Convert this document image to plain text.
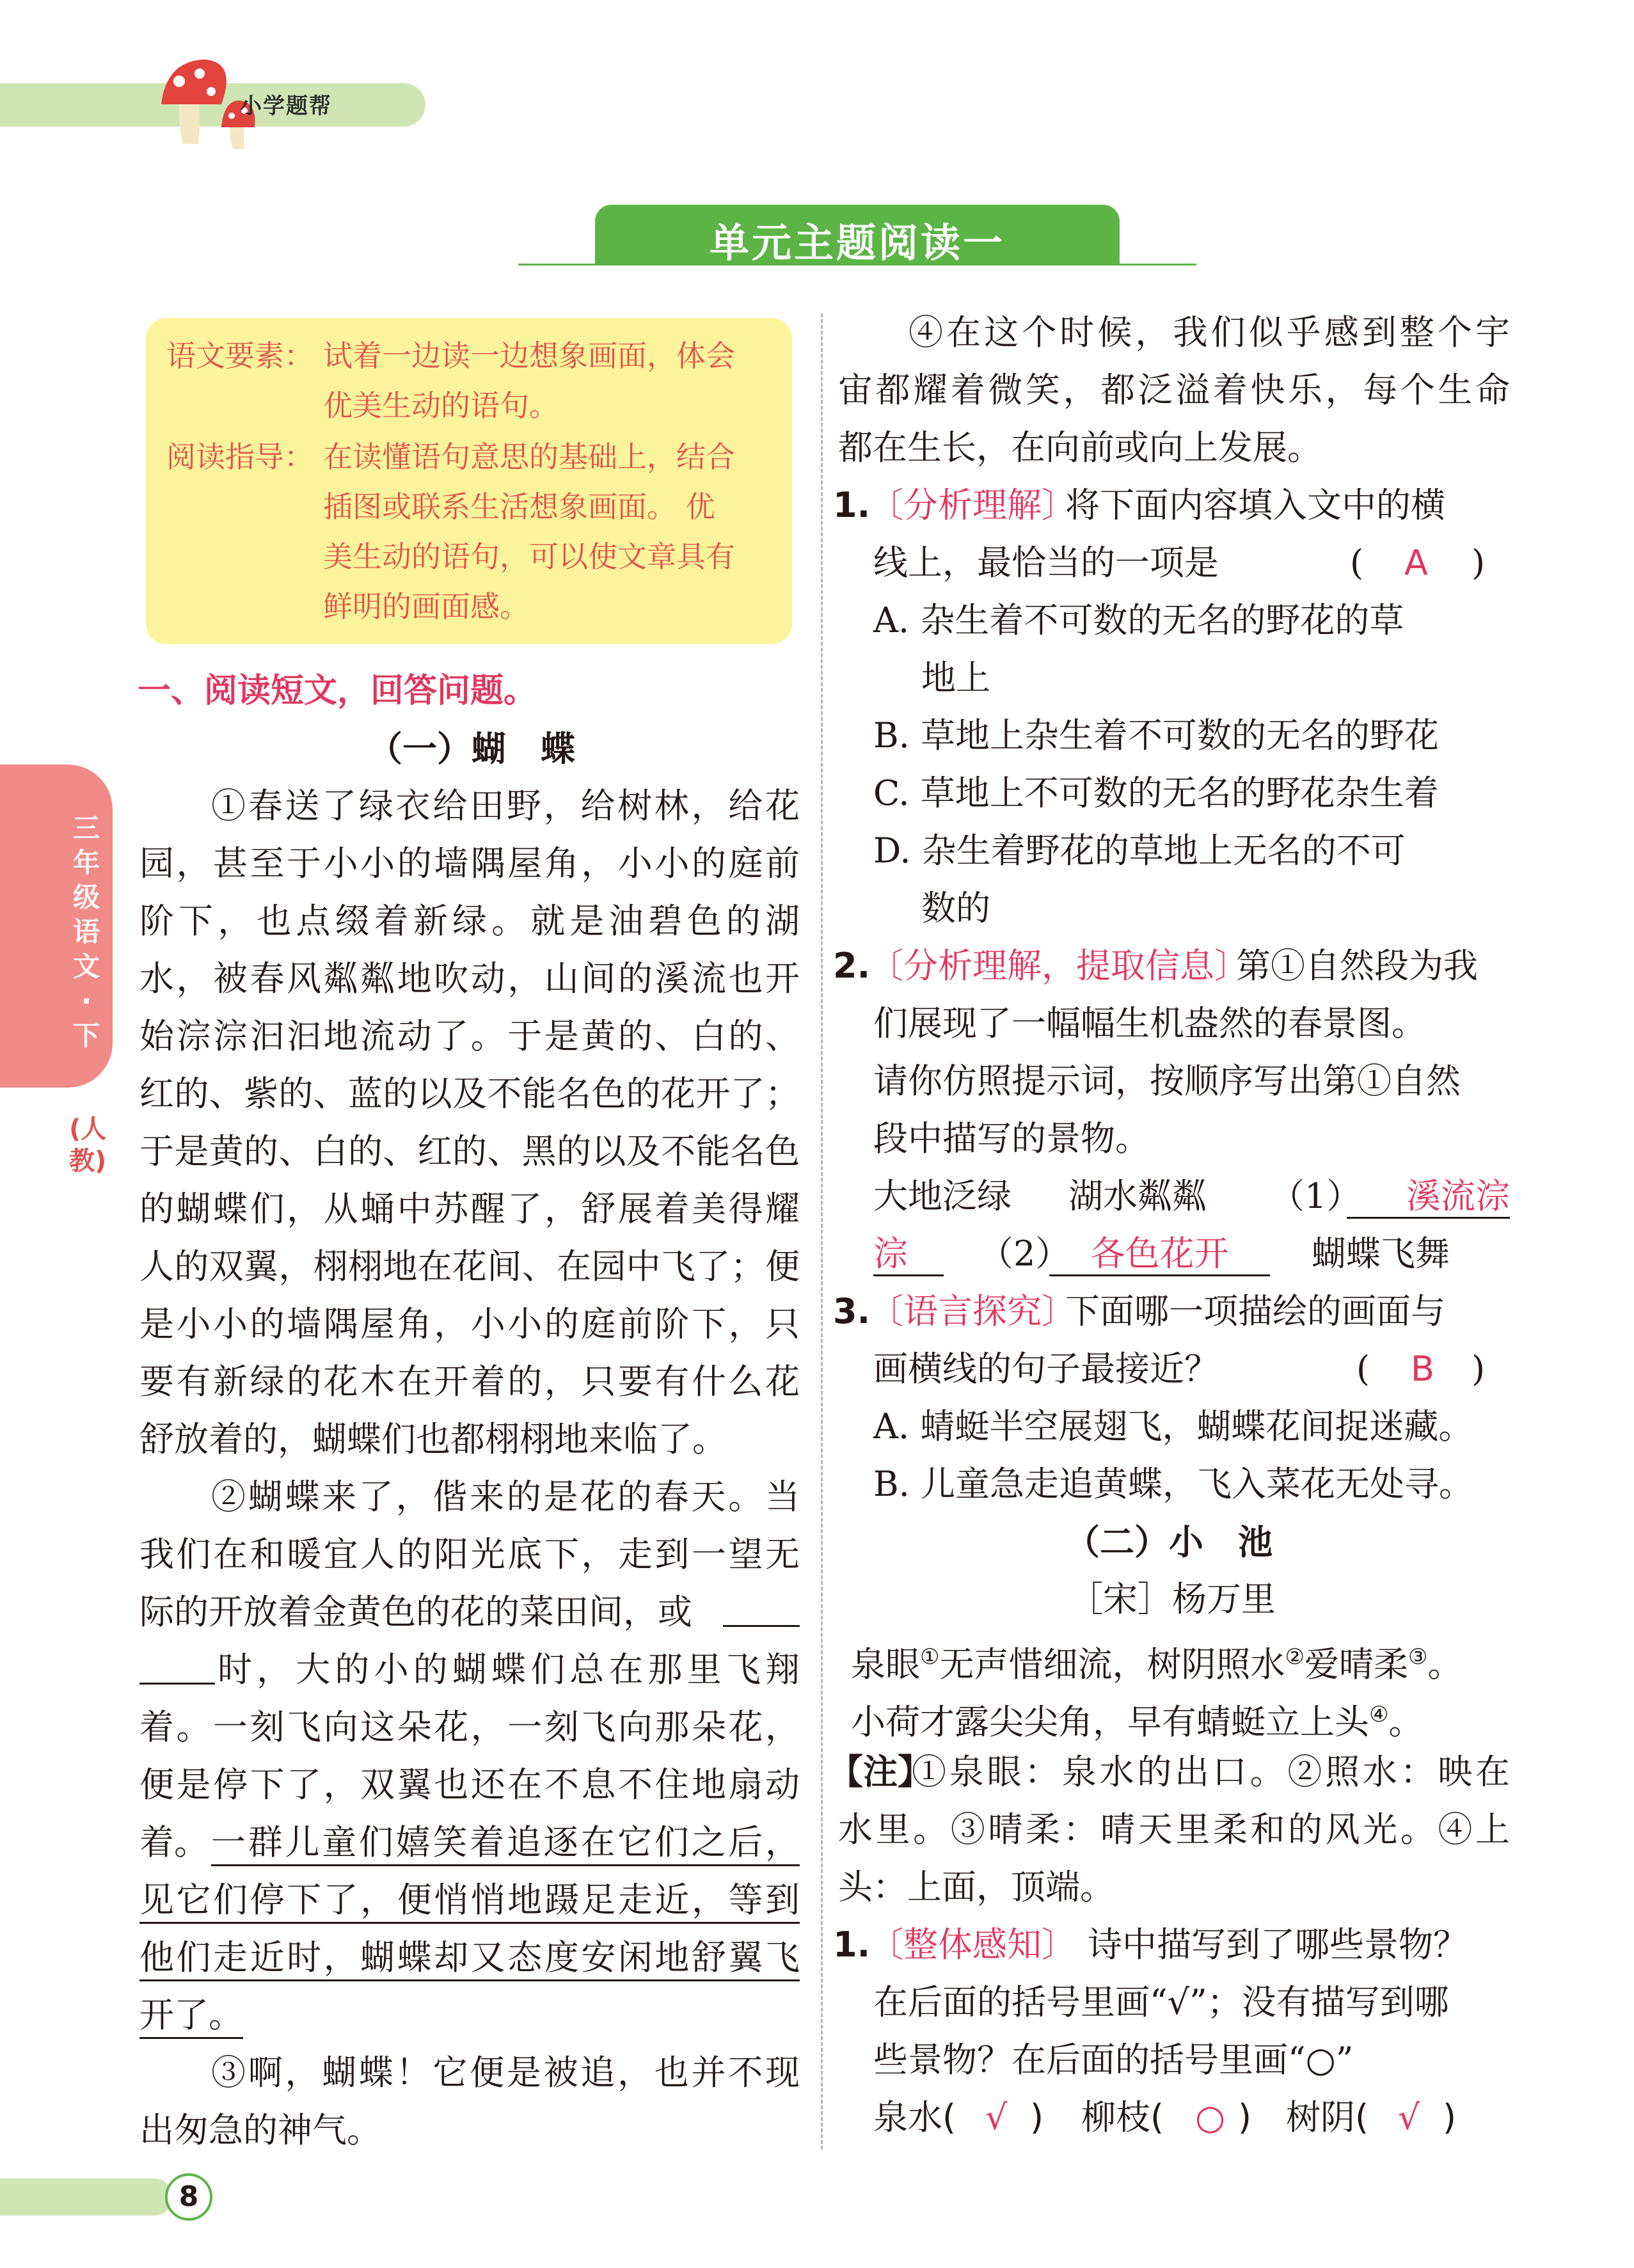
小学题帮
单元主题阅读一
三年级语文·下
(人教)
语文要素： 试着一边读一边想象画面，体会
优美生动的语句。
阅读指导： 在读懂语句意思的基础上，结合
插图或联系生活想象画面。 优
美生动的语句，可以使文章具有
鲜明的画面感。
一、阅读短文，回答问题。
（一）蝴　蝶
①春送了绿衣给田野，给树林，给花
园，甚至于小小的墙隅屋角，小小的庭前
阶下，也点缀着新绿。就是油碧色的湖
水，被春风粼粼地吹动，山间的溪流也开
始淙淙汩汩地流动了。于是黄的、白的、
红的、紫的、蓝的以及不能名色的花开了；
于是黄的、白的、红的、黑的以及不能名色
的蝴蝶们，从蛹中苏醒了，舒展着美得耀
人的双翼，栩栩地在花间、在园中飞了；便
是小小的墙隅屋角，小小的庭前阶下，只
要有新绿的花木在开着的，只要有什么花
舒放着的，蝴蝶们也都栩栩地来临了。
②蝴蝶来了，偕来的是花的春天。当
我们在和暖宜人的阳光底下，走到一望无
际的开放着金黄色的花的菜田间，或
时，大的小的蝴蝶们总在那里飞翔
着。一刻飞向这朵花，一刻飞向那朵花，
便是停下了，双翼也还在不息不住地扇动
着。 一群儿童们嬉笑着追逐在它们之后，
见它们停下了，便悄悄地蹑足走近，等到
他们走近时，蝴蝶却又态度安闲地舒翼飞
开了。
③啊，蝴蝶！它便是被追，也并不现
出匆急的神气。
④在这个时候，我们似乎感到整个宇
宙都耀着微笑，都泛溢着快乐，每个生命
都在生长，在向前或向上发展。
1.
〔分析理解〕
将下面内容填入文中的横
线上，最恰当的一项是	( A )
A. 杂生着不可数的无名的野花的草
地上
B. 草地上杂生着不可数的无名的野花
C. 草地上不可数的无名的野花杂生着
D. 杂生着野花的草地上无名的不可
数的
2.
〔分析理解，提取信息〕
第①自然段为我
们展现了一幅幅生机盎然的春景图。
请你仿照提示词，按顺序写出第①自然
段中描写的景物。
大地泛绿 湖水粼粼 （1）	溪流淙
淙	（2） 各色花开	蝴蝶飞舞
3.
〔语言探究〕
下面哪一项描绘的画面与
画横线的句子最接近？	( B )
A. 蜻蜓半空展翅飞，蝴蝶花间捉迷藏。
B. 儿童急走追黄蝶，飞入菜花无处寻。
（二）小　池
［宋］杨万里
泉眼①无声惜细流，树阴照水②爱晴柔③。
小荷才露尖尖角，早有蜻蜓立上头④。
【注】
①泉眼：泉水的出口。②照水：映在
水里。③晴柔：晴天里柔和的风光。④上
头：上面，顶端。
1.
〔整体感知〕 诗中描写到了哪些景物？
在后面的括号里画“√”；没有描写到哪
些景物？在后面的括号里画“○”
泉水( √ ) 柳枝( ○ ) 树阴( √ )
8
